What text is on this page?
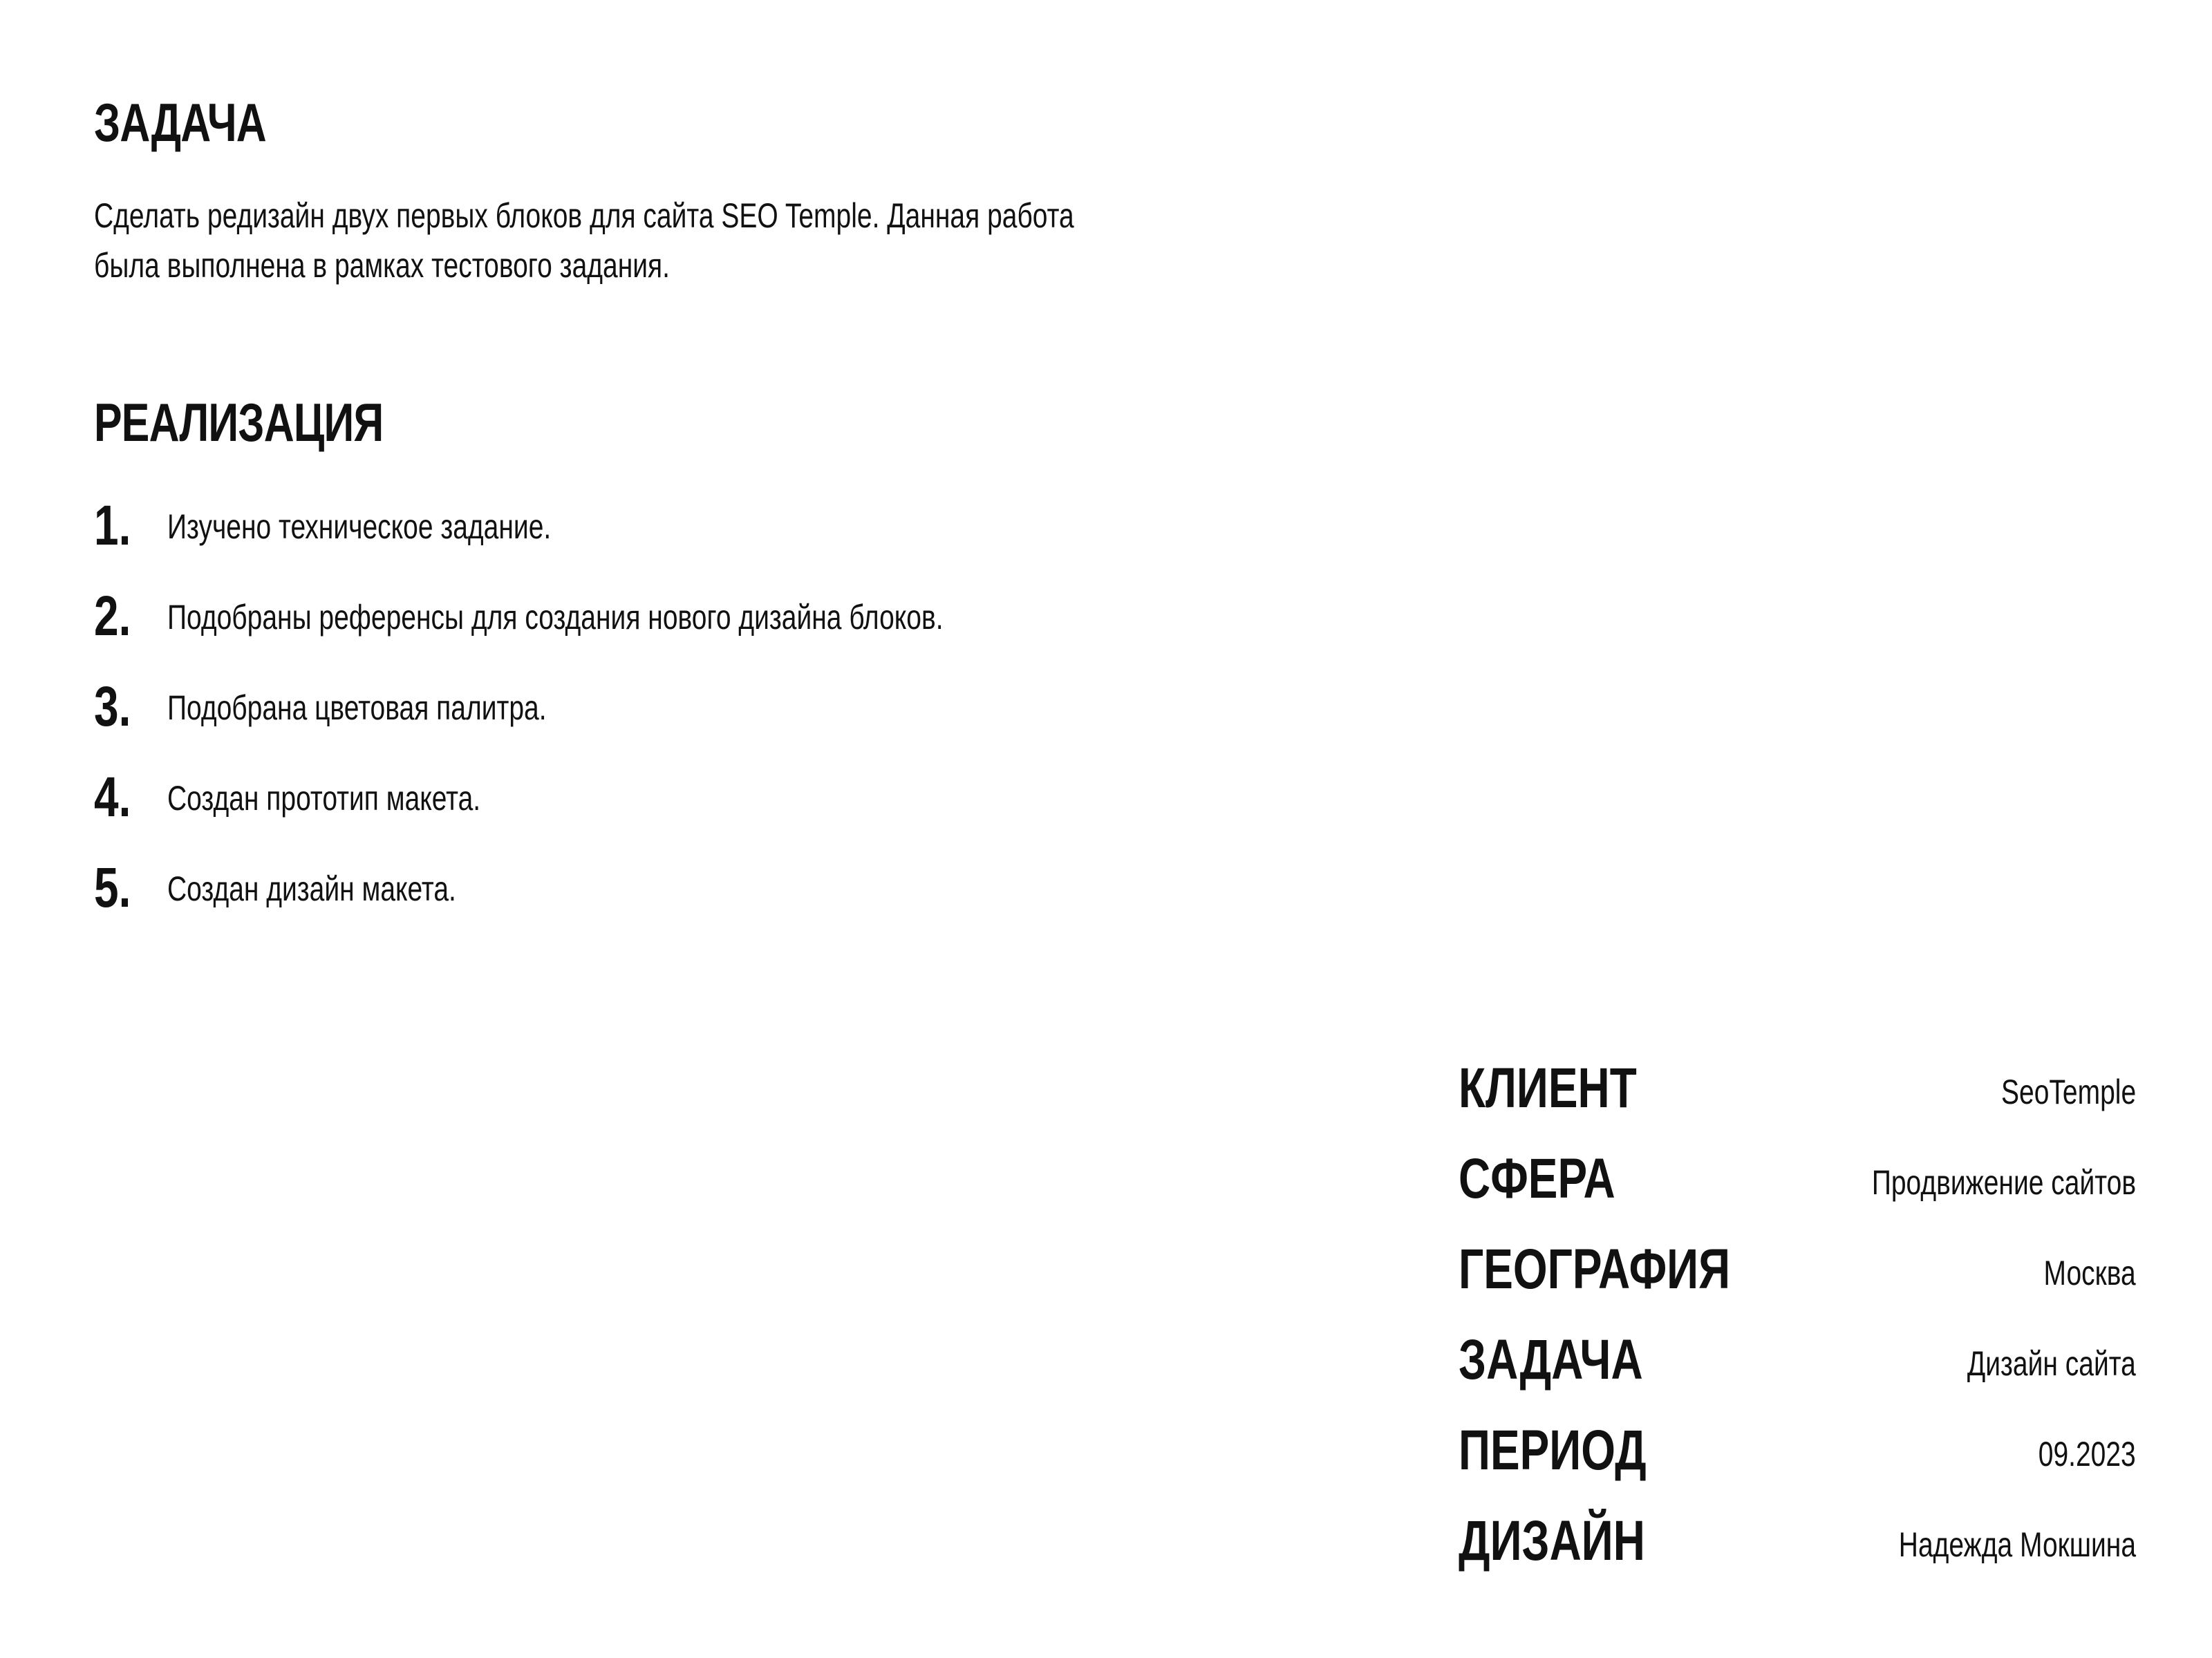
ЗАДАЧА
Сделать редизайн двух первых блоков для сайта SEO Temple. Данная работа
была выполнена в рамках тестового задания.
РЕАЛИЗАЦИЯ
1.	Изучено техническое задание.
2.	Подобраны референсы для создания нового дизайна блоков.
3.	Подобрана цветовая палитра.
4.	Создан прототип макета.
5.	Создан дизайн макета.
КЛИЕНТ	SeoTemple
СФЕРА	Продвижение сайтов
ГЕОГРАФИЯ	Москва
ЗАДАЧА	Дизайн сайта
ПЕРИОД	09.2023
ДИЗАЙН	Надежда Мокшина
